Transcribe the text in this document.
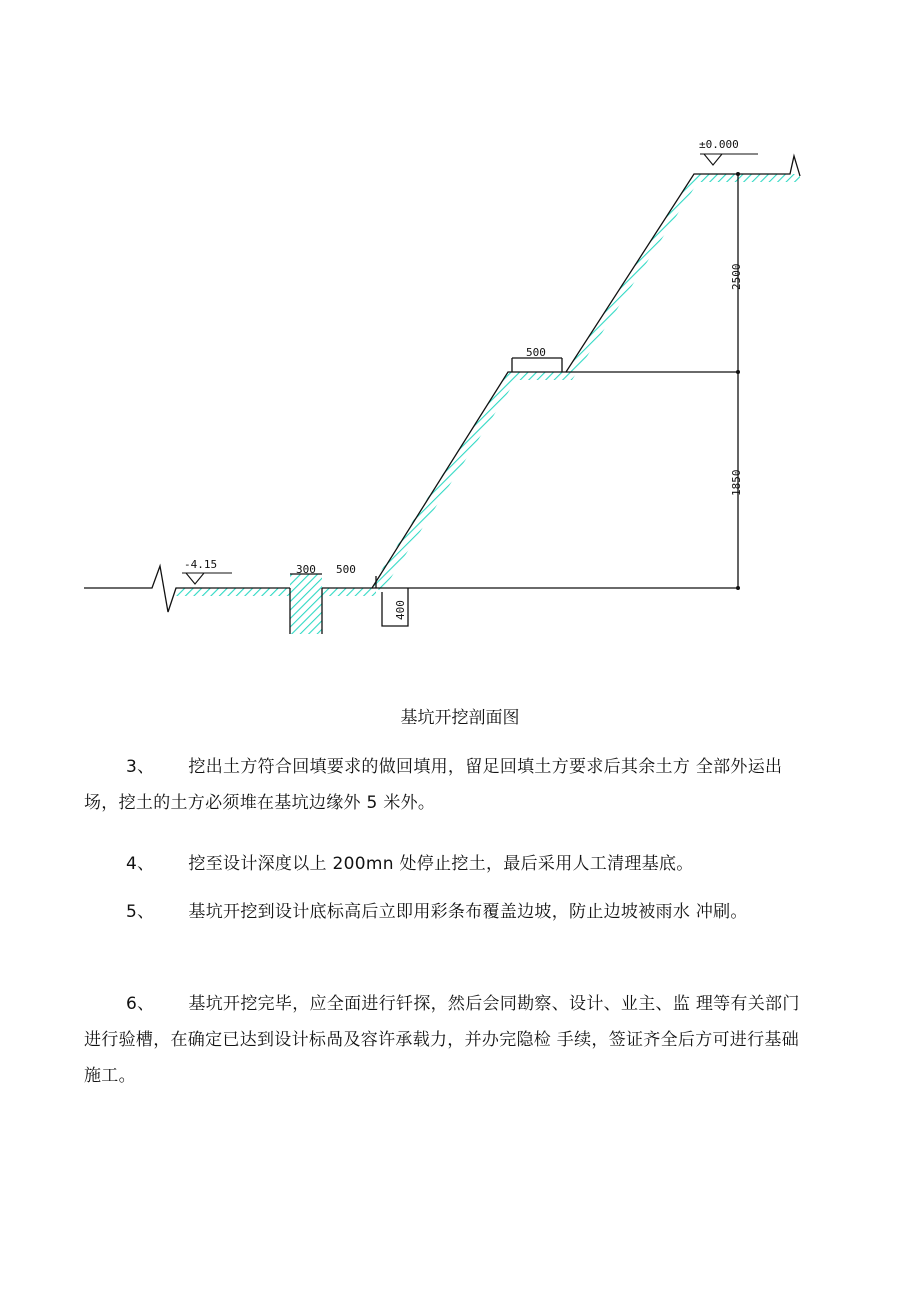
±0.000
-4.15
2500
1850
500
300 500
400
基坑开挖剖面图
3、 挖出土方符合回填要求的做回填用，留足回填土方要求后其余土方 全部外运出场，挖土的土方必须堆在基坑边缘外 5 米外。
4、 挖至设计深度以上 200mn 处停止挖土，最后采用人工清理基底。
5、 基坑开挖到设计底标高后立即用彩条布覆盖边坡，防止边坡被雨水 冲刷。
6、 基坑开挖完毕，应全面进行钎探，然后会同勘察、设计、业主、监 理等有关部门进行验槽，在确定已达到设计标咼及容许承载力，并办完隐检 手续，签证齐全后方可进行基础施工。
